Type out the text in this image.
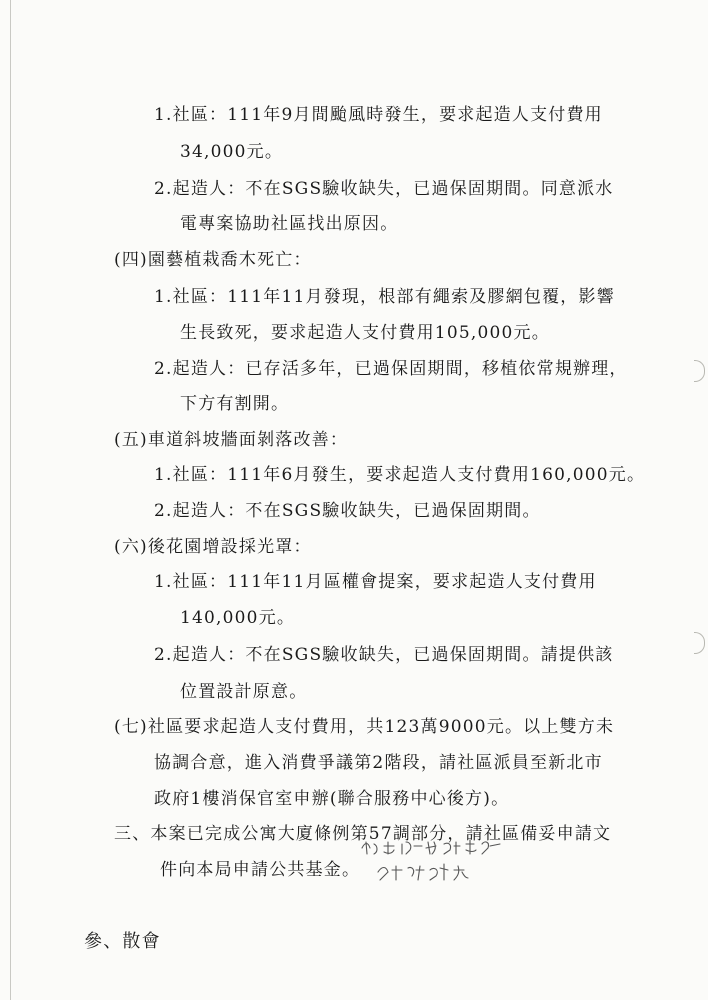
1.社區：111年9月間颱風時發生，要求起造人支付費用
34,000元。
2.起造人：不在SGS驗收缺失，已過保固期間。同意派水
電專案協助社區找出原因。
(四)園藝植栽喬木死亡：
1.社區：111年11月發現，根部有繩索及膠網包覆，影響
生長致死，要求起造人支付費用105,000元。
2.起造人：已存活多年，已過保固期間，移植依常規辦理，
下方有割開。
(五)車道斜坡牆面剝落改善：
1.社區：111年6月發生，要求起造人支付費用160,000元。
2.起造人：不在SGS驗收缺失，已過保固期間。
(六)後花園增設採光罩：
1.社區：111年11月區權會提案，要求起造人支付費用
140,000元。
2.起造人：不在SGS驗收缺失，已過保固期間。請提供該
位置設計原意。
(七)社區要求起造人支付費用，共123萬9000元。以上雙方未
協調合意，進入消費爭議第2階段，請社區派員至新北市
政府1樓消保官室申辦(聯合服務中心後方)。
三、本案已完成公寓大廈條例第57調部分，請社區備妥申請文
件向本局申請公共基金。
參、散會
